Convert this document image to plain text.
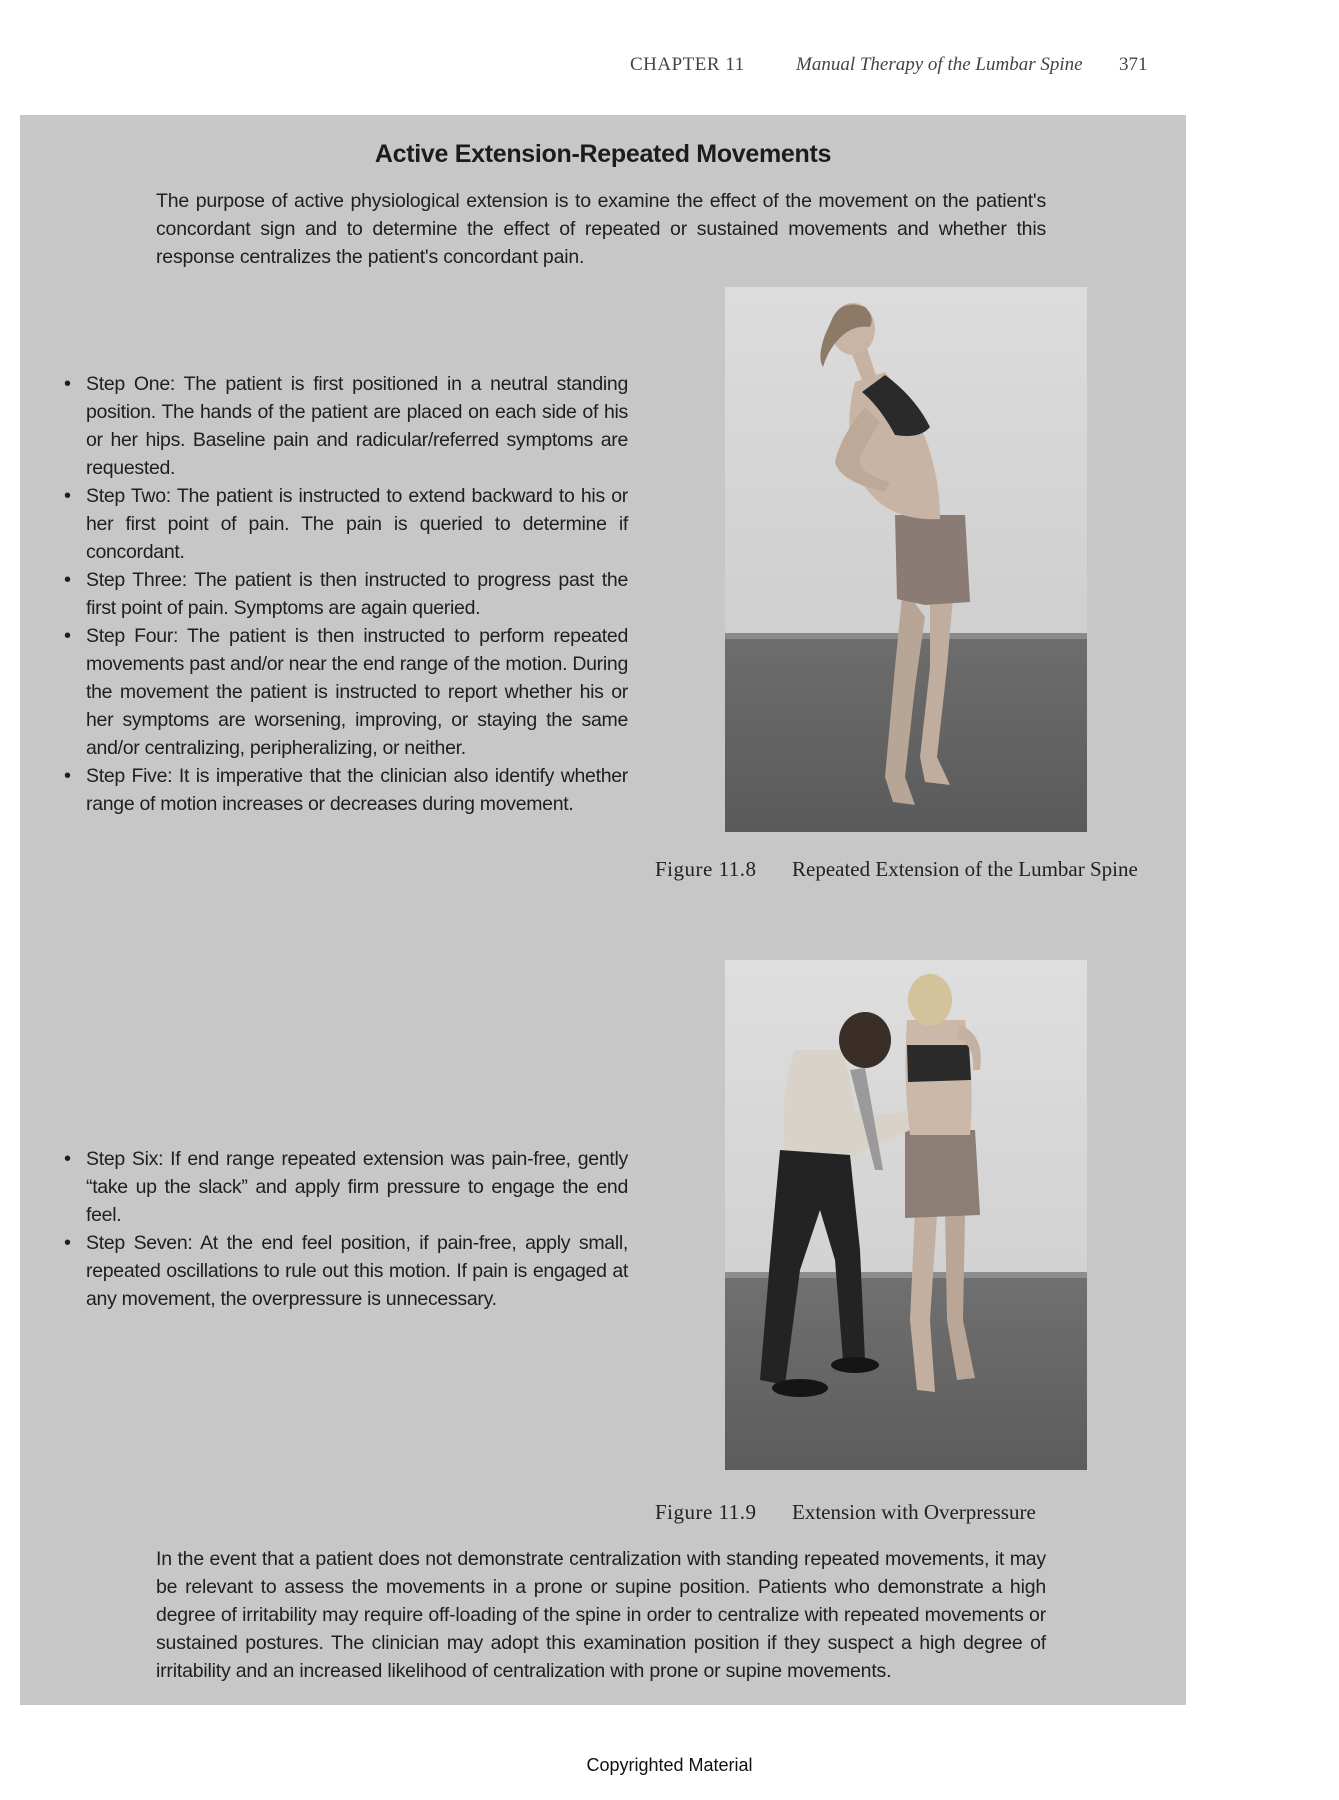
CHAPTER 11	Manual Therapy of the Lumbar Spine 371
Active Extension-Repeated Movements
The purpose of active physiological extension is to examine the effect of the movement on the patient's concordant sign and to determine the effect of repeated or sustained movements and whether this response centralizes the patient's concordant pain.
• Step One: The patient is first positioned in a neutral standing position. The hands of the patient are placed on each side of his or her hips. Baseline pain and radicular/referred symptoms are requested.
• Step Two: The patient is instructed to extend backward to his or her first point of pain. The pain is queried to determine if concordant.
• Step Three: The patient is then instructed to progress past the first point of pain. Symptoms are again queried.
• Step Four: The patient is then instructed to perform repeated movements past and/or near the end range of the motion. During the movement the patient is instructed to report whether his or her symptoms are worsening, improving, or staying the same and/or centralizing, peripheralizing, or neither.
• Step Five: It is imperative that the clinician also identify whether range of motion increases or decreases during movement.
Figure 11.8 Repeated Extension of the Lumbar Spine
• Step Six: If end range repeated extension was pain-free, gently “take up the slack” and apply firm pressure to engage the end feel.
• Step Seven: At the end feel position, if pain-free, apply small, repeated oscillations to rule out this motion. If pain is engaged at any movement, the overpressure is unnecessary.
Figure 11.9 Extension with Overpressure
In the event that a patient does not demonstrate centralization with standing repeated movements, it may be relevant to assess the movements in a prone or supine position. Patients who demonstrate a high degree of irritability may require off-loading of the spine in order to centralize with repeated movements or sustained postures. The clinician may adopt this examination position if they suspect a high degree of irritability and an increased likelihood of centralization with prone or supine movements.
Copyrighted Material
